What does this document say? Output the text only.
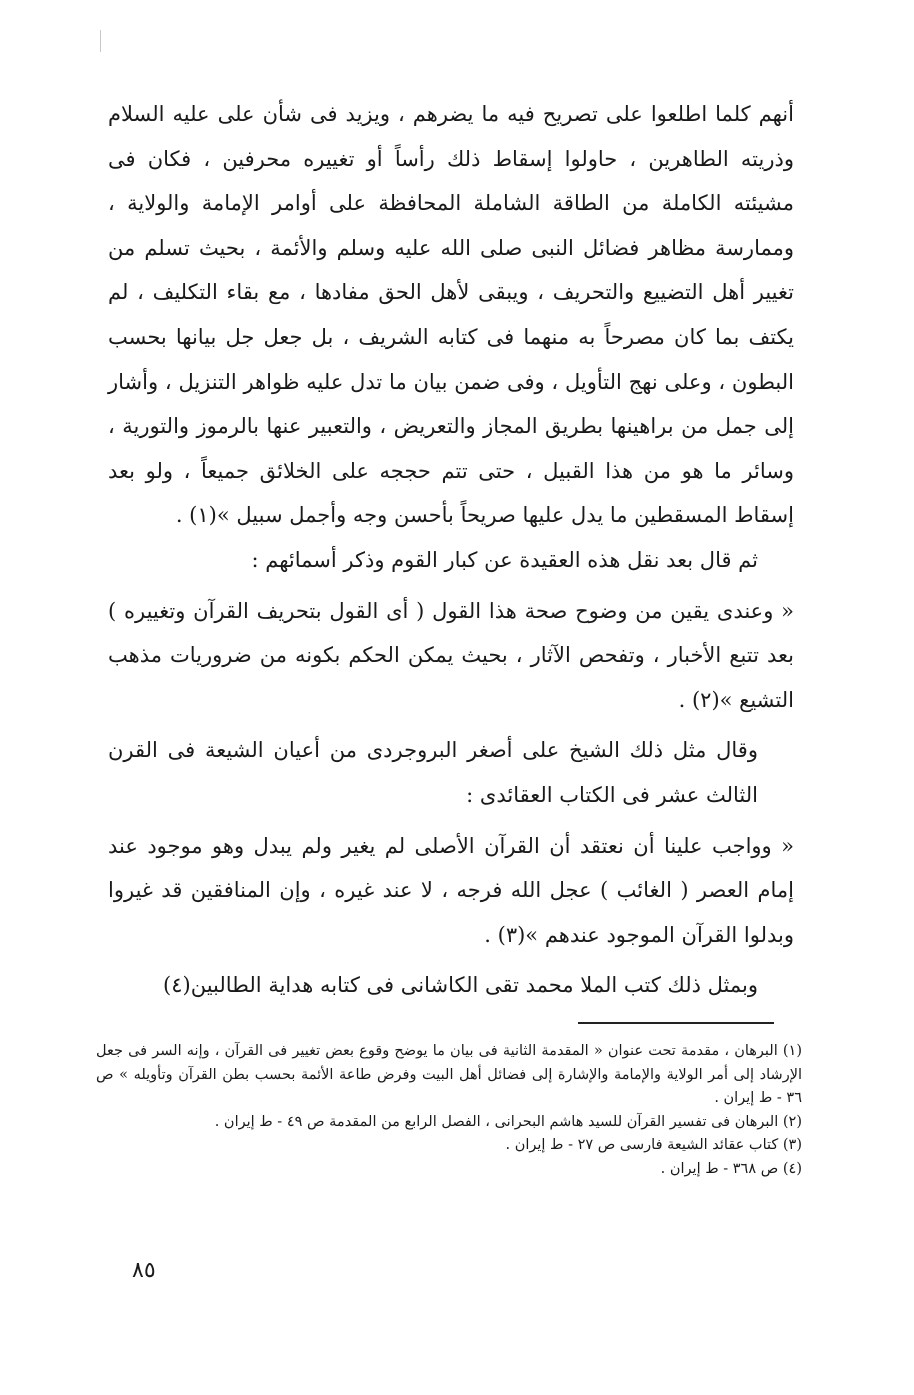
أنهم كلما اطلعوا على تصريح فيه ما يضرهم ، ويزيد فى شأن على عليه السلام وذريته الطاهرين ، حاولوا إسقاط ذلك رأساً أو تغييره محرفين ، فكان فى مشيئته الكاملة من الطاقة الشاملة المحافظة على أوامر الإمامة والولاية ، وممارسة مظاهر فضائل النبى صلى الله عليه وسلم والأئمة ، بحيث تسلم من تغيير أهل التضييع والتحريف ، ويبقى لأهل الحق مفادها ، مع بقاء التكليف ، لم يكتف بما كان مصرحاً به منهما فى كتابه الشريف ، بل جعل جل بيانها بحسب البطون ، وعلى نهج التأويل ، وفى ضمن بيان ما تدل عليه ظواهر التنزيل ، وأشار إلى جمل من براهينها بطريق المجاز والتعريض ، والتعبير عنها بالرموز والتورية ، وسائر ما هو من هذا القبيل ، حتى تتم حججه على الخلائق جميعاً ، ولو بعد إسقاط المسقطين ما يدل عليها صريحاً بأحسن وجه وأجمل سبيل »(١) .

ثم قال بعد نقل هذه العقيدة عن كبار القوم وذكر أسمائهم :

« وعندى يقين من وضوح صحة هذا القول ( أى القول بتحريف القرآن وتغييره ) بعد تتبع الأخبار ، وتفحص الآثار ، بحيث يمكن الحكم بكونه من ضروريات مذهب التشيع »(٢) .

وقال مثل ذلك الشيخ على أصغر البروجردى من أعيان الشيعة فى القرن الثالث عشر فى الكتاب العقائدى :

« وواجب علينا أن نعتقد أن القرآن الأصلى لم يغير ولم يبدل وهو موجود عند إمام العصر ( الغائب ) عجل الله فرجه ، لا عند غيره ، وإن المنافقين قد غيروا وبدلوا القرآن الموجود عندهم »(٣) .

وبمثل ذلك كتب الملا محمد تقى الكاشانى فى كتابه هداية الطالبين(٤)

(١) البرهان ، مقدمة تحت عنوان « المقدمة الثانية فى بيان ما يوضح وقوع بعض تغيير فى القرآن ، وإنه السر فى جعل الإرشاد إلى أمر الولاية والإمامة والإشارة إلى فضائل أهل البيت وفرض طاعة الأئمة بحسب بطن القرآن وتأويله » ص ٣٦ - ط إيران .

(٢) البرهان فى تفسير القرآن للسيد هاشم البحرانى ، الفصل الرابع من المقدمة ص ٤٩ - ط إيران .

(٣) كتاب عقائد الشيعة فارسى ص ٢٧ - ط إيران .

(٤) ص ٣٦٨ - ط إيران .

٨٥
